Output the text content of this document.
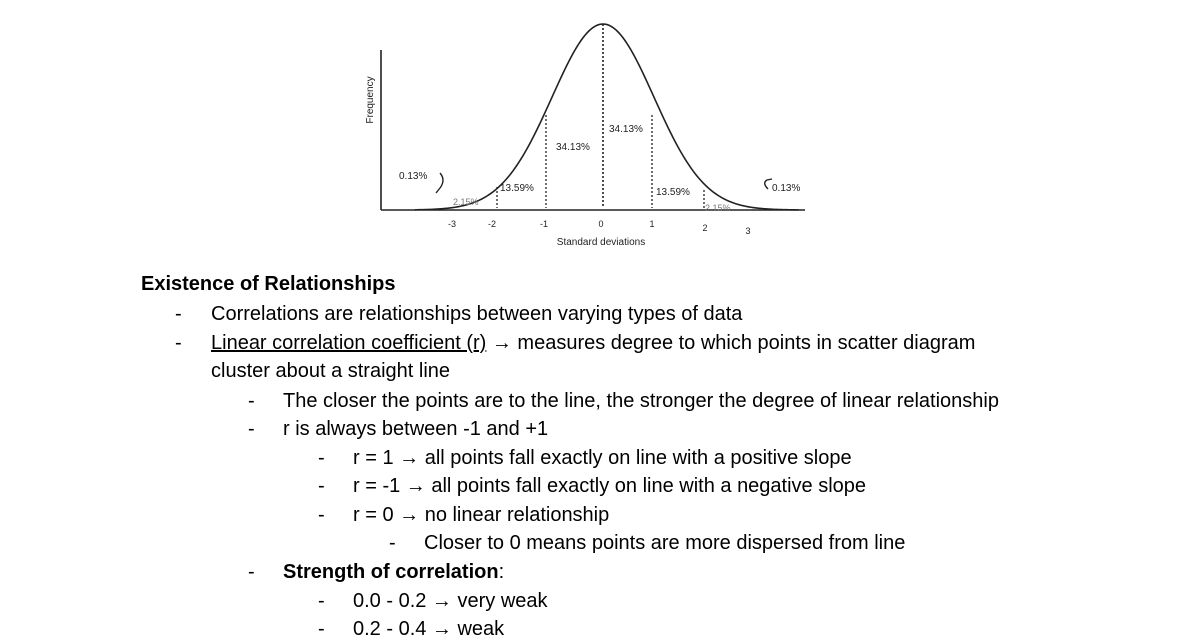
Frequency
0.13%
2.15%
13.59%
34.13%
34.13%
13.59%
2.15%
0.13%
-3	-2	-1	0	1	2	3
Standard deviations
Existence of Relationships
- Correlations are relationships between varying types of data
- Linear correlation coefficient (r) → measures degree to which points in scatter diagram
cluster about a straight line
- The closer the points are to the line, the stronger the degree of linear relationship
- r is always between -1 and +1
- r = 1 → all points fall exactly on line with a positive slope
- r = -1 → all points fall exactly on line with a negative slope
- r = 0 → no linear relationship
- Closer to 0 means points are more dispersed from line
- Strength of correlation:
- 0.0 - 0.2 → very weak
- 0.2 - 0.4 → weak
